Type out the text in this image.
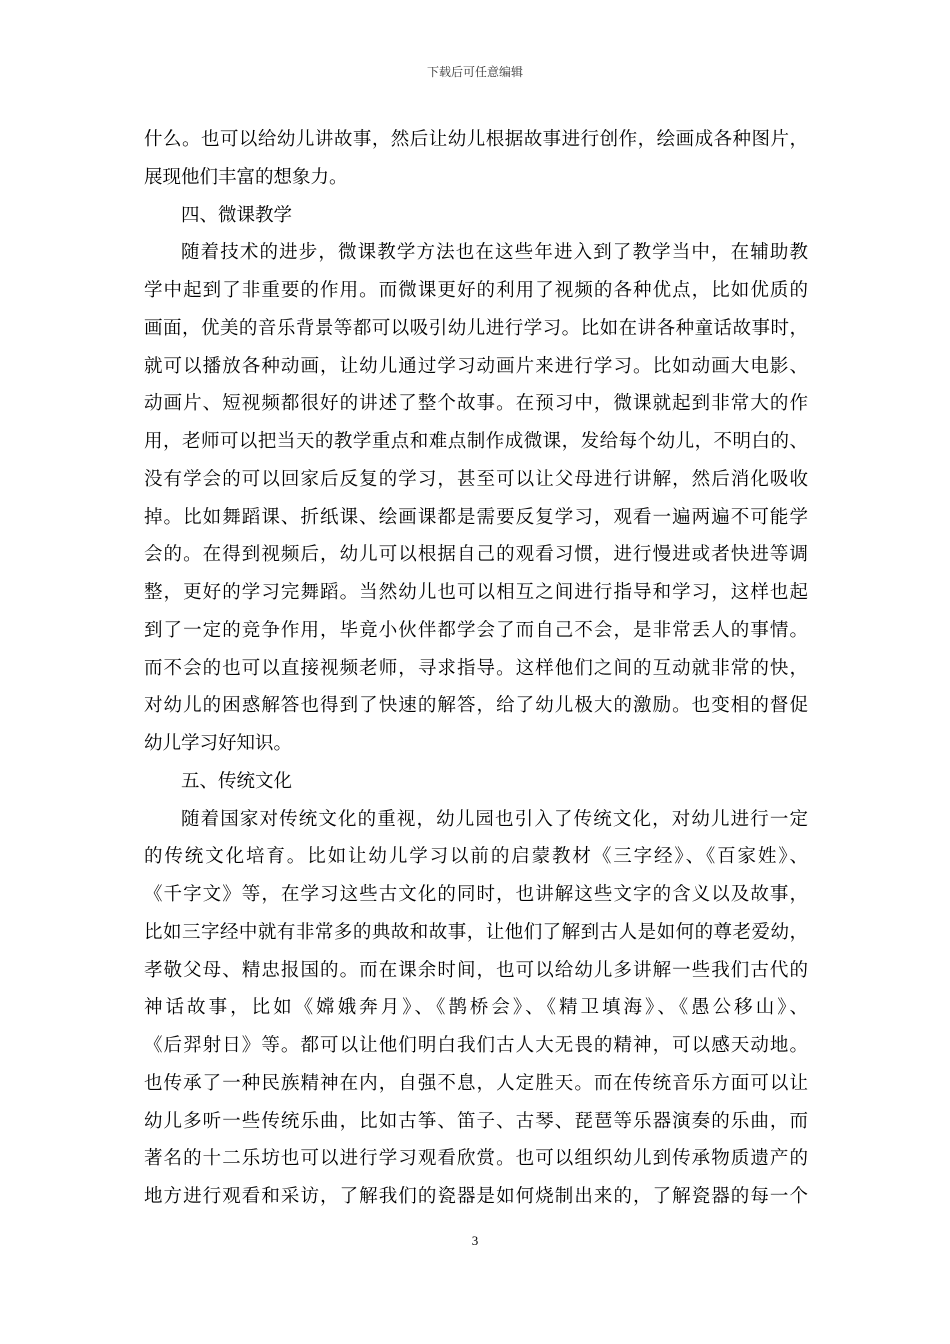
下载后可任意编辑
什么。也可以给幼儿讲故事，然后让幼儿根据故事进行创作，绘画成各种图片，
展现他们丰富的想象力。
四、微课教学
随着技术的进步，微课教学方法也在这些年进入到了教学当中，在辅助教
学中起到了非重要的作用。而微课更好的利用了视频的各种优点，比如优质的
画面，优美的音乐背景等都可以吸引幼儿进行学习。比如在讲各种童话故事时，
就可以播放各种动画，让幼儿通过学习动画片来进行学习。比如动画大电影、
动画片、短视频都很好的讲述了整个故事。在预习中，微课就起到非常大的作
用，老师可以把当天的教学重点和难点制作成微课，发给每个幼儿，不明白的、
没有学会的可以回家后反复的学习，甚至可以让父母进行讲解，然后消化吸收
掉。比如舞蹈课、折纸课、绘画课都是需要反复学习，观看一遍两遍不可能学
会的。在得到视频后，幼儿可以根据自己的观看习惯，进行慢进或者快进等调
整，更好的学习完舞蹈。当然幼儿也可以相互之间进行指导和学习，这样也起
到了一定的竞争作用，毕竟小伙伴都学会了而自己不会，是非常丢人的事情。
而不会的也可以直接视频老师，寻求指导。这样他们之间的互动就非常的快，
对幼儿的困惑解答也得到了快速的解答，给了幼儿极大的激励。也变相的督促
幼儿学习好知识。
五、传统文化
随着国家对传统文化的重视，幼儿园也引入了传统文化，对幼儿进行一定
的传统文化培育。比如让幼儿学习以前的启蒙教材《三字经》、《百家姓》、
《千字文》等，在学习这些古文化的同时，也讲解这些文字的含义以及故事，
比如三字经中就有非常多的典故和故事，让他们了解到古人是如何的尊老爱幼，
孝敬父母、精忠报国的。而在课余时间，也可以给幼儿多讲解一些我们古代的
神话故事，比如《嫦娥奔月》、《鹊桥会》、《精卫填海》、《愚公移山》、
《后羿射日》等。都可以让他们明白我们古人大无畏的精神，可以感天动地。
也传承了一种民族精神在内，自强不息，人定胜天。而在传统音乐方面可以让
幼儿多听一些传统乐曲，比如古筝、笛子、古琴、琵琶等乐器演奏的乐曲，而
著名的十二乐坊也可以进行学习观看欣赏。也可以组织幼儿到传承物质遗产的
地方进行观看和采访，了解我们的瓷器是如何烧制出来的，了解瓷器的每一个
3
